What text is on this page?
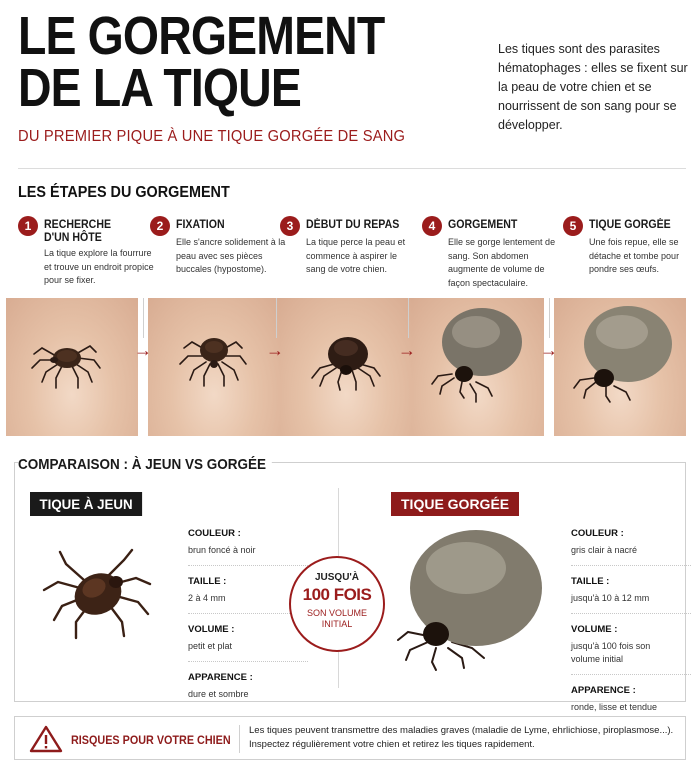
LE GORGEMENT
DE LA TIQUE
DU PREMIER PIQUE À UNE TIQUE GORGÉE DE SANG
Les tiques sont des parasites hématophages : elles se fixent sur la peau de votre chien et se nourrissent de son sang pour se développer.
LES ÉTAPES DU GORGEMENT
1	RECHERCHE
D'UN HÔTE
La tique explore la fourrure et trouve un endroit propice pour se fixer.
2	FIXATION
Elle s'ancre solidement à la peau avec ses pièces buccales (hypostome).
3	DÉBUT DU REPAS
La tique perce la peau et commence à aspirer le sang de votre chien.
4	GORGEMENT
Elle se gorge lentement de sang. Son abdomen augmente de volume de façon spectaculaire.
5	TIQUE GORGÉE
Une fois repue, elle se détache et tombe pour pondre ses œufs.
→	→	→	→
COMPARAISON : À JEUN VS GORGÉE
TIQUE À JEUN
COULEUR :
brun foncé à noir
TAILLE :
2 à 4 mm
VOLUME :
petit et plat
APPARENCE :
dure et sombre
JUSQU'À
100 FOIS
SON VOLUME INITIAL
TIQUE GORGÉE
COULEUR :
gris clair à nacré
TAILLE :
jusqu'à 10 à 12 mm
VOLUME :
jusqu'à 100 fois son volume initial
APPARENCE :
ronde, lisse et tendue
RISQUES POUR VOTRE CHIEN
Les tiques peuvent transmettre des maladies graves (maladie de Lyme, ehrlichiose, piroplasmose...). Inspectez régulièrement votre chien et retirez les tiques rapidement.
